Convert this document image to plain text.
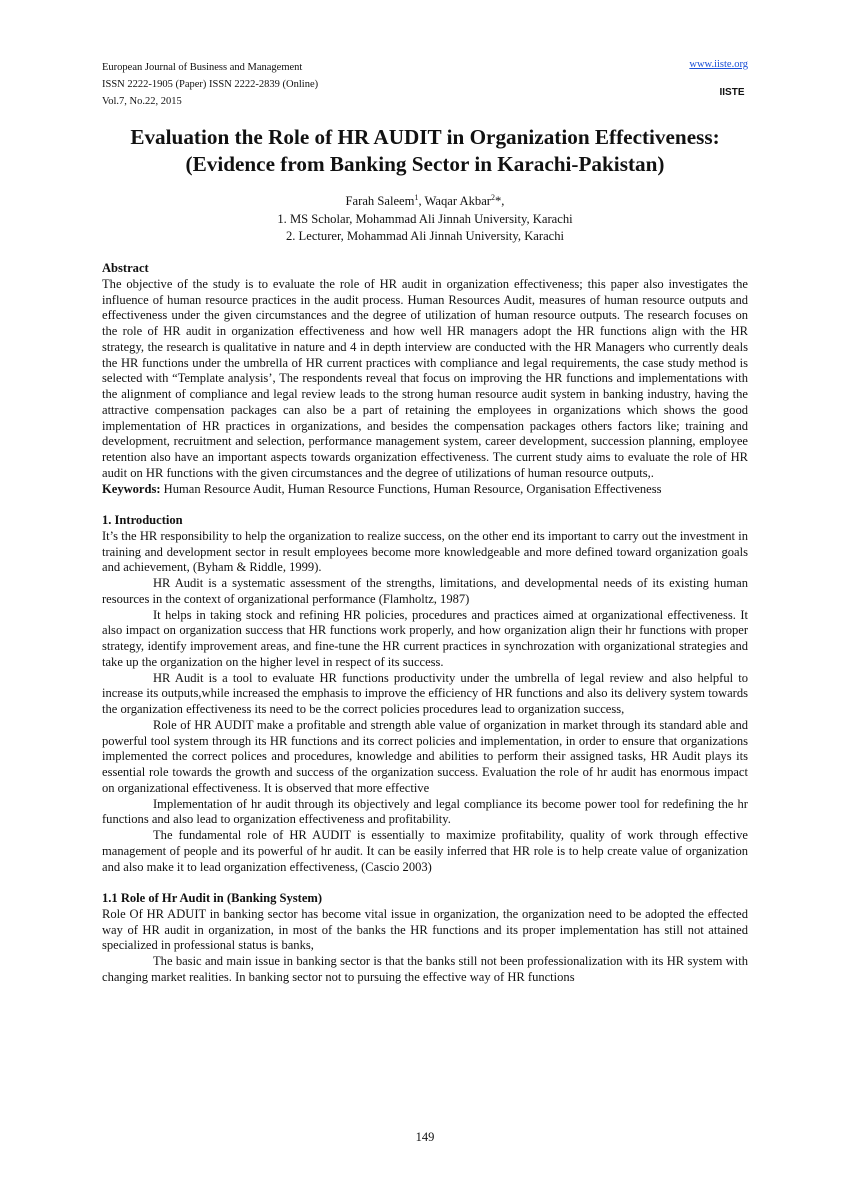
European Journal of Business and Management
ISSN 2222-1905 (Paper) ISSN 2222-2839 (Online)
Vol.7, No.22, 2015
www.iiste.org
IISTE
Evaluation the Role of HR AUDIT in Organization Effectiveness:
(Evidence from Banking Sector in Karachi-Pakistan)
Farah Saleem$^1$, Waqar Akbar$^2$*,
1. MS Scholar, Mohammad Ali Jinnah University, Karachi
2. Lecturer, Mohammad Ali Jinnah University, Karachi

Abstract

The objective of the study is to evaluate the role of HR audit in organization effectiveness; this paper also investigates the influence of human resource practices in the audit process. Human Resources Audit, measures of human resource outputs and effectiveness under the given circumstances and the degree of utilization of human resource outputs. The research focuses on the role of HR audit in organization effectiveness and how well HR managers adopt the HR functions align with the HR strategy, the research is qualitative in nature and 4 in depth interview are conducted with the HR Managers who currently deals the HR functions under the umbrella of HR current practices with compliance and legal requirements, the case study method is selected with “Template analysis’, The respondents reveal that focus on improving the HR functions and implementations with the alignment of compliance and legal review leads to the strong human resource audit system in banking industry, having the attractive compensation packages can also be a part of retaining the employees in organizations which shows the good implementation of HR practices in organizations, and besides the compensation packages others factors like; training and development, recruitment and selection, performance management system, career development, succession planning, employee retention also have an important aspects towards organization effectiveness. The current study aims to evaluate the role of HR audit on HR functions with the given circumstances and the degree of utilizations of human resource outputs,.

Keywords: Human Resource Audit, Human Resource Functions, Human Resource, Organisation Effectiveness

1. Introduction

It’s the HR responsibility to help the organization to realize success, on the other end its important to carry out the investment in training and development sector in result employees become more knowledgeable and more defined toward organization goals and achievement, (Byham & Riddle, 1999).

HR Audit is a systematic assessment of the strengths, limitations, and developmental needs of its existing human resources in the context of organizational performance (Flamholtz, 1987)

It helps in taking stock and refining HR policies, procedures and practices aimed at organizational effectiveness. It also impact on organization success that HR functions work properly, and how organization align their hr functions with proper strategy, identify improvement areas, and fine-tune the HR current practices in synchrozation with organizational strategies and take up the organization on the higher level in respect of its success.

HR Audit is a tool to evaluate HR functions productivity under the umbrella of legal review and also helpful to increase its outputs,while increased the emphasis to improve the efficiency of HR functions and also its delivery system towards the organization effectiveness its need to be the correct policies procedures lead to organization success,

Role of HR AUDIT make a profitable and strength able value of organization in market through its standard able and powerful tool system through its HR functions and its correct policies and implementation, in order to ensure that organizations implemented the correct polices and procedures, knowledge and abilities to perform their assigned tasks, HR Audit plays its essential role towards the growth and success of the organization success. Evaluation the role of hr audit has enormous impact on organizational effectiveness. It is observed that more effective

Implementation of hr audit through its objectively and legal compliance its become power tool for redefining the hr functions and also lead to organization effectiveness and profitability.

The fundamental role of HR AUDIT is essentially to maximize profitability, quality of work through effective management of people and its powerful of hr audit. It can be easily inferred that HR role is to help create value of organization and also make it to lead organization effectiveness, (Cascio 2003)

1.1 Role of Hr Audit in (Banking System)

Role Of HR ADUIT in banking sector has become vital issue in organization, the organization need to be adopted the effected way of HR audit in organization, in most of the banks the HR functions and its proper implementation has still not attained specialized in professional status is banks,

The basic and main issue in banking sector is that the banks still not been professionalization with its HR system with changing market realities. In banking sector not to pursuing the effective way of HR functions

149
